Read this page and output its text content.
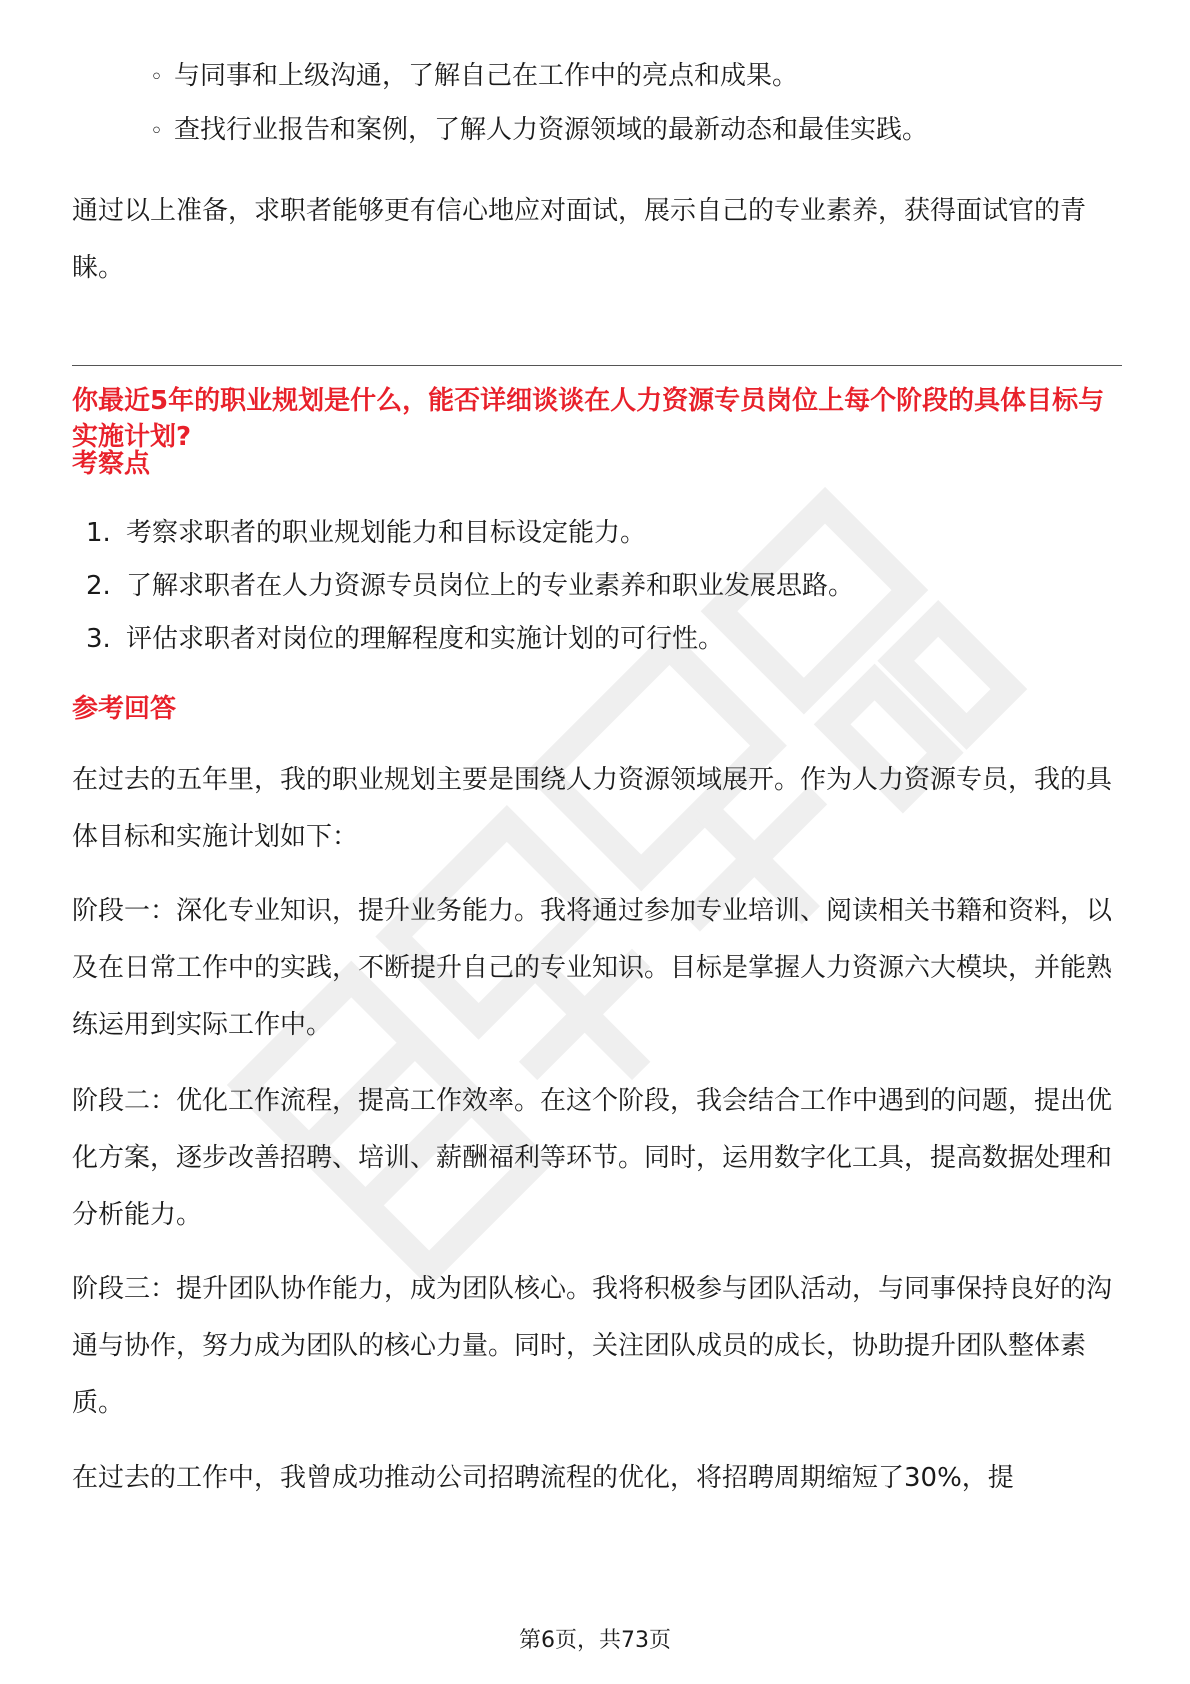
◦ 与同事和上级沟通，了解自己在工作中的亮点和成果。
◦ 查找行业报告和案例，了解人力资源领域的最新动态和最佳实践。

通过以上准备，求职者能够更有信心地应对面试，展示自己的专业素养，获得面试官的青睐。

你最近5年的职业规划是什么，能否详细谈谈在人力资源专员岗位上每个阶段的具体目标与实施计划?

考察点

1. 考察求职者的职业规划能力和目标设定能力。
2. 了解求职者在人力资源专员岗位上的专业素养和职业发展思路。
3. 评估求职者对岗位的理解程度和实施计划的可行性。

参考回答

在过去的五年里，我的职业规划主要是围绕人力资源领域展开。作为人力资源专员，我的具体目标和实施计划如下：

阶段一：深化专业知识，提升业务能力。我将通过参加专业培训、阅读相关书籍和资料，以及在日常工作中的实践，不断提升自己的专业知识。目标是掌握人力资源六大模块，并能熟练运用到实际工作中。

阶段二：优化工作流程，提高工作效率。在这个阶段，我会结合工作中遇到的问题，提出优化方案，逐步改善招聘、培训、薪酬福利等环节。同时，运用数字化工具，提高数据处理和分析能力。

阶段三：提升团队协作能力，成为团队核心。我将积极参与团队活动，与同事保持良好的沟通与协作，努力成为团队的核心力量。同时，关注团队成员的成长，协助提升团队整体素质。

在过去的工作中，我曾成功推动公司招聘流程的优化，将招聘周期缩短了30%，提

第6页，共73页
